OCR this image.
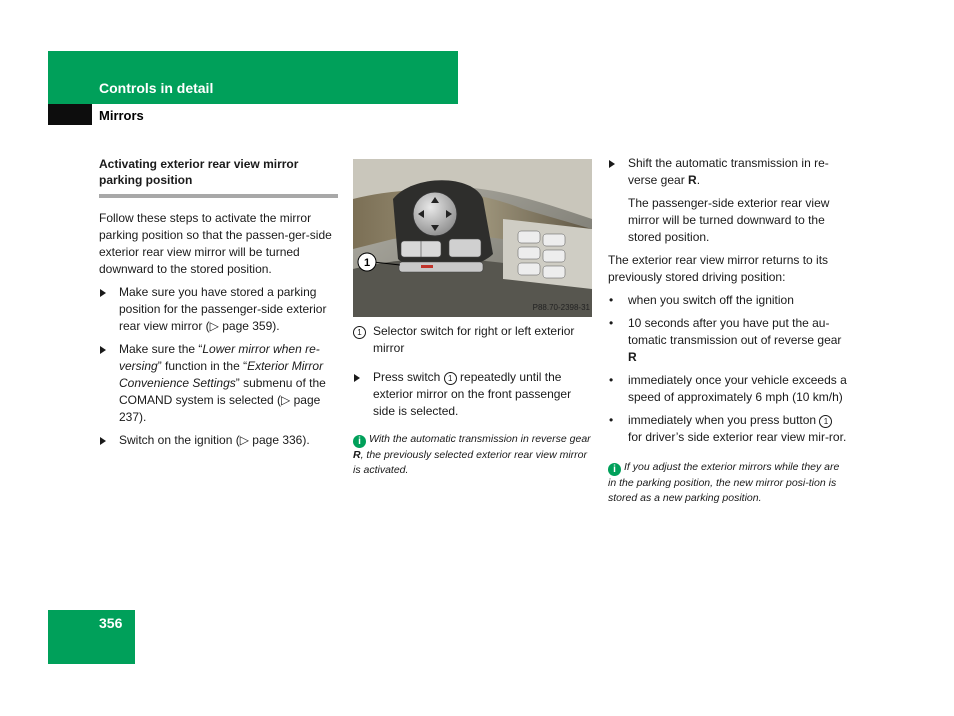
Controls in detail
Mirrors
Activating exterior rear view mirror parking position

Follow these steps to activate the mirror parking position so that the passen-ger-side exterior rear view mirror will be turned downward to the stored position.

Make sure you have stored a parking position for the passenger-side exterior rear view mirror (▷ page 359).
Make sure the “Lower mirror when re-versing” function in the “Exterior Mirror Convenience Settings” submenu of the COMAND system is selected (▷ page 237).
Switch on the ignition (▷ page 336).
1
P88.70-2398-31
1 Selector switch for right or left exterior mirror
Press switch 1 repeatedly until the exterior mirror on the front passenger side is selected.
i With the automatic transmission in reverse gear R, the previously selected exterior rear view mirror is activated.
Shift the automatic transmission in re-verse gear R.

The passenger-side exterior rear view mirror will be turned downward to the stored position.

The exterior rear view mirror returns to its previously stored driving position:

• when you switch off the ignition
• 10 seconds after you have put the au-tomatic transmission out of reverse gear R
• immediately once your vehicle exceeds a speed of approximately 6 mph (10 km/h)
• immediately when you press button 1 for driver’s side exterior rear view mir-ror.
i If you adjust the exterior mirrors while they are in the parking position, the new mirror posi-tion is stored as a new parking position.
356
